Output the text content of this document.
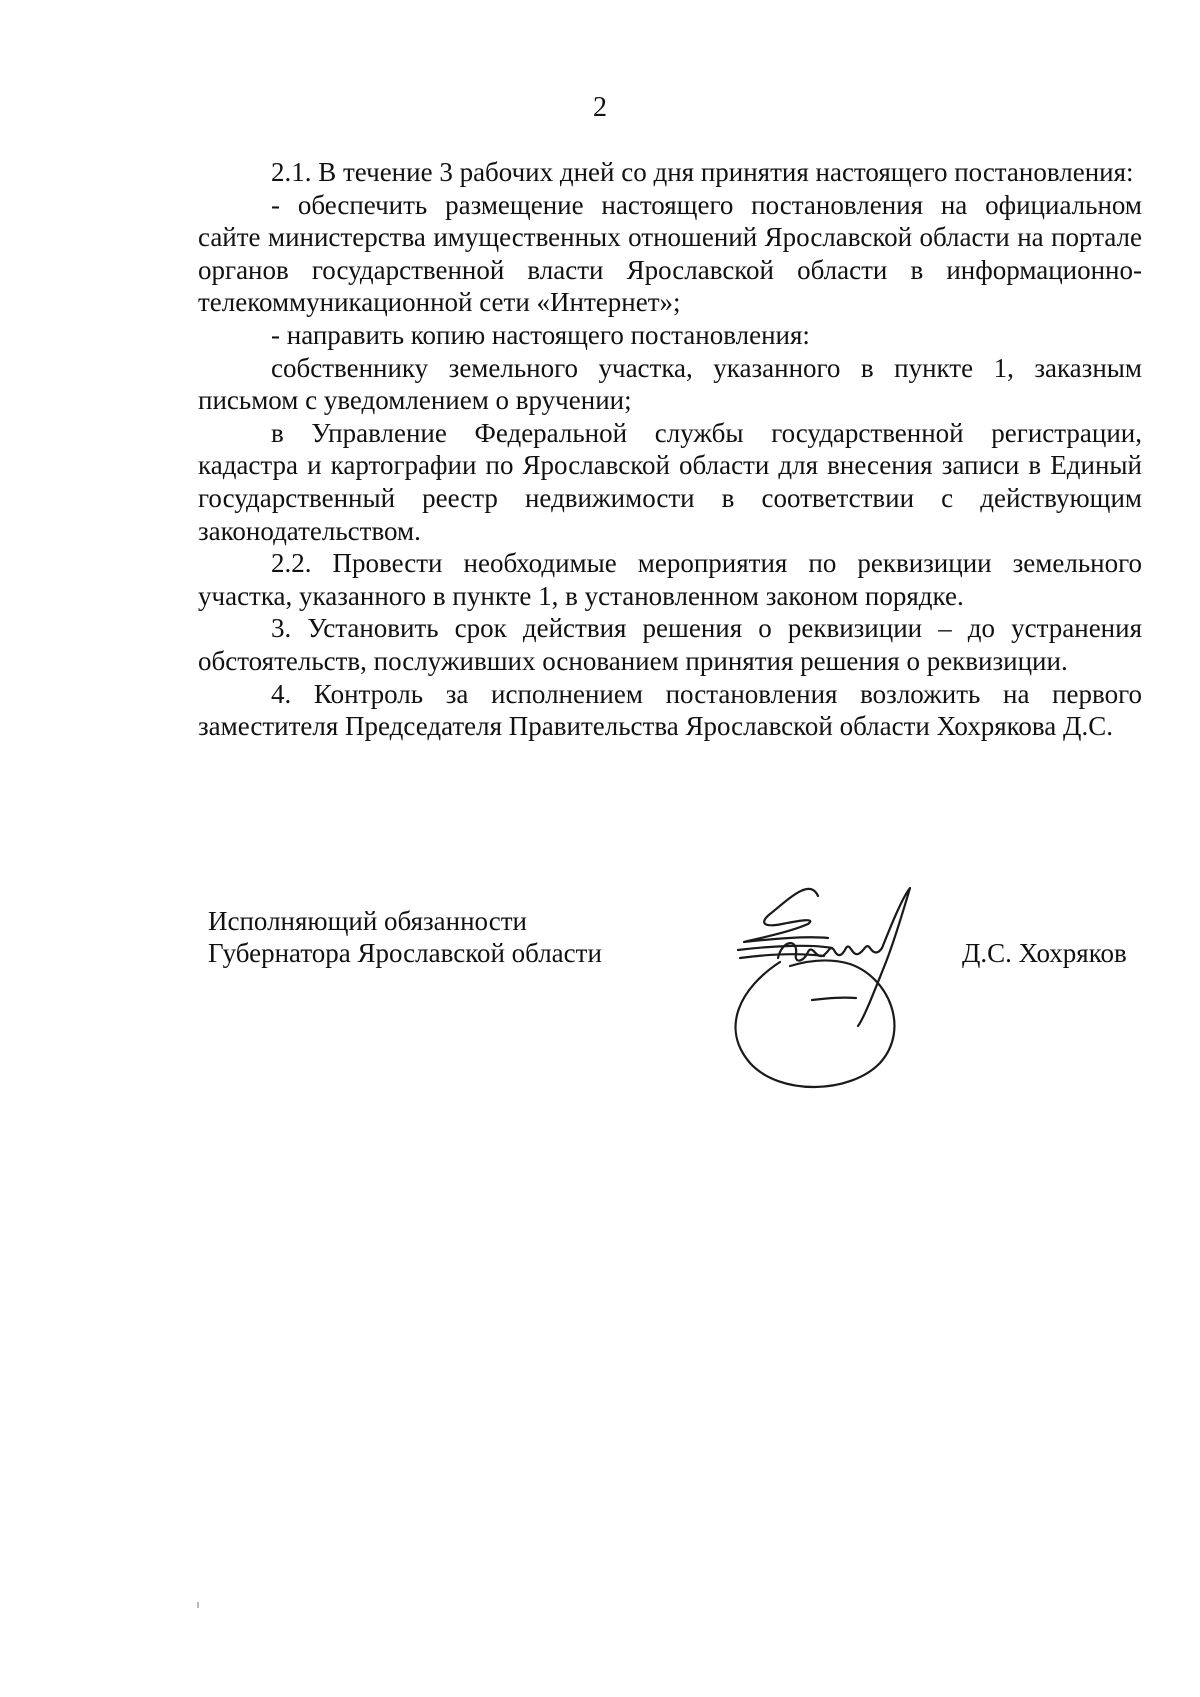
2

2.1. В течение 3 рабочих дней со дня принятия настоящего постановления:

- обеспечить размещение настоящего постановления на официальном сайте министерства имущественных отношений Ярославской области на портале органов государственной власти Ярославской области в информационно-телекоммуникационной сети «Интернет»;

- направить копию настоящего постановления:

собственнику земельного участка, указанного в пункте 1, заказным письмом с уведомлением о вручении;

в Управление Федеральной службы государственной регистрации, кадастра и картографии по Ярославской области для внесения записи в Единый государственный реестр недвижимости в соответствии с действующим законодательством.

2.2. Провести необходимые мероприятия по реквизиции земельного участка, указанного в пункте 1, в установленном законом порядке.

3. Установить срок действия решения о реквизиции – до устранения обстоятельств, послуживших основанием принятия решения о реквизиции.

4. Контроль за исполнением постановления возложить на первого заместителя Председателя Правительства Ярославской области Хохрякова Д.С.

Исполняющий обязанности
Губернатора Ярославской области	Д.С. Хохряков
